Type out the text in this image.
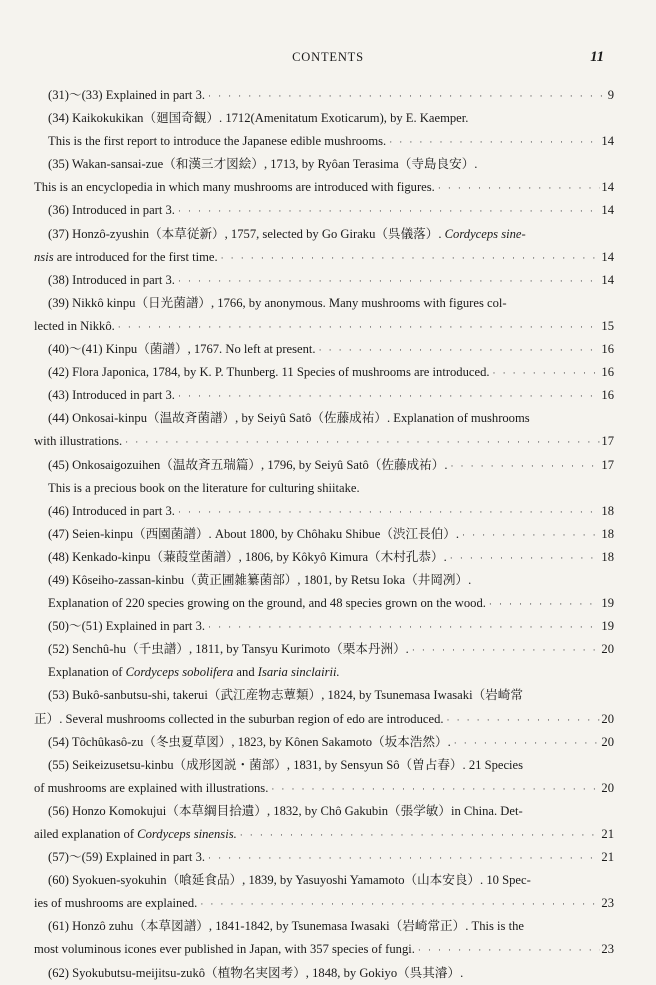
CONTENTS	11
(31)～(33) Explained in part 3. · · ·	9
(34) Kaikokukikan（廻国奇観）. 1712(Amenitatum Exoticarum), by E. Kaemper.
This is the first report to introduce the Japanese edible mushrooms. · · ·	14
(35) Wakan-sansai-zue（和漢三才図絵）, 1713, by Ryôan Terasima（寺島良安）.
This is an encyclopedia in which many mushrooms are introduced with figures. · · ·	14
(36) Introduced in part 3. · · ·	14
(37) Honzô-zyushin（本草従新）, 1757, selected by Go Giraku（呉儀落）. Cordyceps sine-
nsis are introduced for the first time. · · ·	14
(38) Introduced in part 3. · · ·	14
(39) Nikkô kinpu（日光菌譜）, 1766, by anonymous. Many mushrooms with figures col-
lected in Nikkô. · · ·	15
(40)～(41) Kinpu（菌譜）, 1767. No left at present. · · ·	16
(42) Flora Japonica, 1784, by K. P. Thunberg. 11 Species of mushrooms are introduced. · · ·	16
(43) Introduced in part 3. · · ·	16
(44) Onkosai-kinpu（温故斉菌譜）, by Seiyû Satô（佐藤成祐）. Explanation of mushrooms
with illustrations. · · ·	17
(45) Onkosaigozuihen（温故斉五瑞篇）, 1796, by Seiyû Satô（佐藤成祐）. · · ·	17
This is a precious book on the literature for culturing shiitake.
(46) Introduced in part 3. · · ·	18
(47) Seien-kinpu（西園菌譜）. About 1800, by Chôhaku Shibue（渋江長伯）. · · ·	18
(48) Kenkado-kinpu（蒹葭堂菌譜）, 1806, by Kôkyô Kimura（木村孔恭）. · · ·	18
(49) Kôseiho-zassan-kinbu（黄正圃雑纂菌部）, 1801, by Retsu Ioka（井岡冽）.
Explanation of 220 species growing on the ground, and 48 species grown on the wood. · · ·	19
(50)～(51) Explained in part 3. · · ·	19
(52) Senchû-hu（千虫譜）, 1811, by Tansyu Kurimoto（栗本丹洲）. · · ·	20
Explanation of Cordyceps sobolifera and Isaria sinclairii.
(53) Bukô-sanbutsu-shi, takerui（武江産物志蕈類）, 1824, by Tsunemasa Iwasaki（岩崎常
正）. Several mushrooms collected in the suburban region of edo are introduced. · · ·	20
(54) Tôchûkasô-zu（冬虫夏草図）, 1823, by Kônen Sakamoto（坂本浩然）. · · ·	20
(55) Seikeizusetsu-kinbu（成形図説・菌部）, 1831, by Sensyun Sô（曽占春）. 21 Species
of mushrooms are explained with illustrations. · · ·	20
(56) Honzo Komokujui（本草綱目拾遺）, 1832, by Chô Gakubin（張学敏）in China. Det-
ailed explanation of Cordyceps sinensis. · · ·	21
(57)～(59) Explained in part 3. · · ·	21
(60) Syokuen-syokuhin（喰延食品）, 1839, by Yasuyoshi Yamamoto（山本安良）. 10 Spec-
ies of mushrooms are explained. · · ·	23
(61) Honzô zuhu（本草図譜）, 1841-1842, by Tsunemasa Iwasaki（岩崎常正）. This is the
most voluminous icones ever published in Japan, with 357 species of fungi. · · ·	23
(62) Syokubutsu-meijitsu-zukô（植物名実図考）, 1848, by Gokiyo（呉其濬）.
